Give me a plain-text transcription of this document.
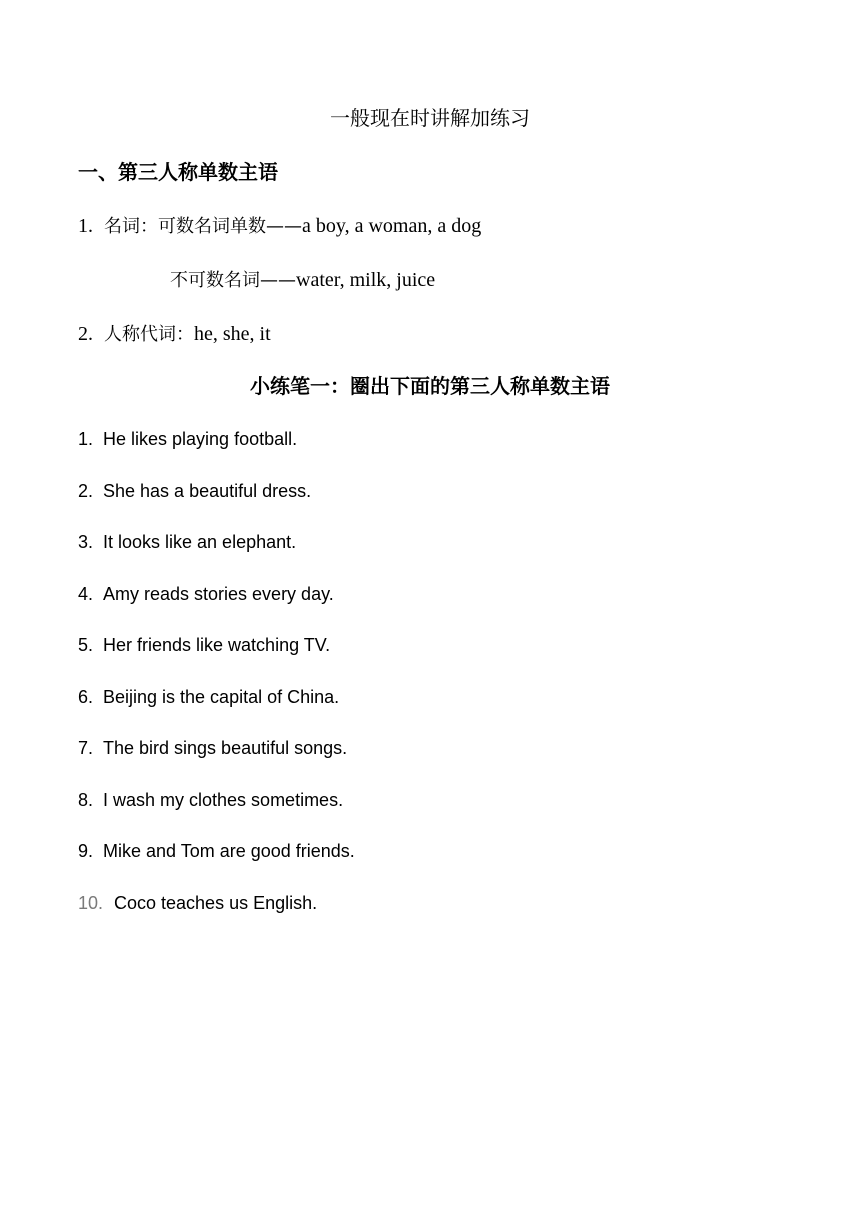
一般现在时讲解加练习
一、第三人称单数主语
1. 名词：可数名词单数——a boy, a woman, a dog
不可数名词——water, milk, juice
2. 人称代词：he, she, it
小练笔一：圈出下面的第三人称单数主语
1. He likes playing football.
2. She has a beautiful dress.
3. It looks like an elephant.
4. Amy reads stories every day.
5. Her friends like watching TV.
6. Beijing is the capital of China.
7. The bird sings beautiful songs.
8. I wash my clothes sometimes.
9. Mike and Tom are good friends.
10. Coco teaches us English.
